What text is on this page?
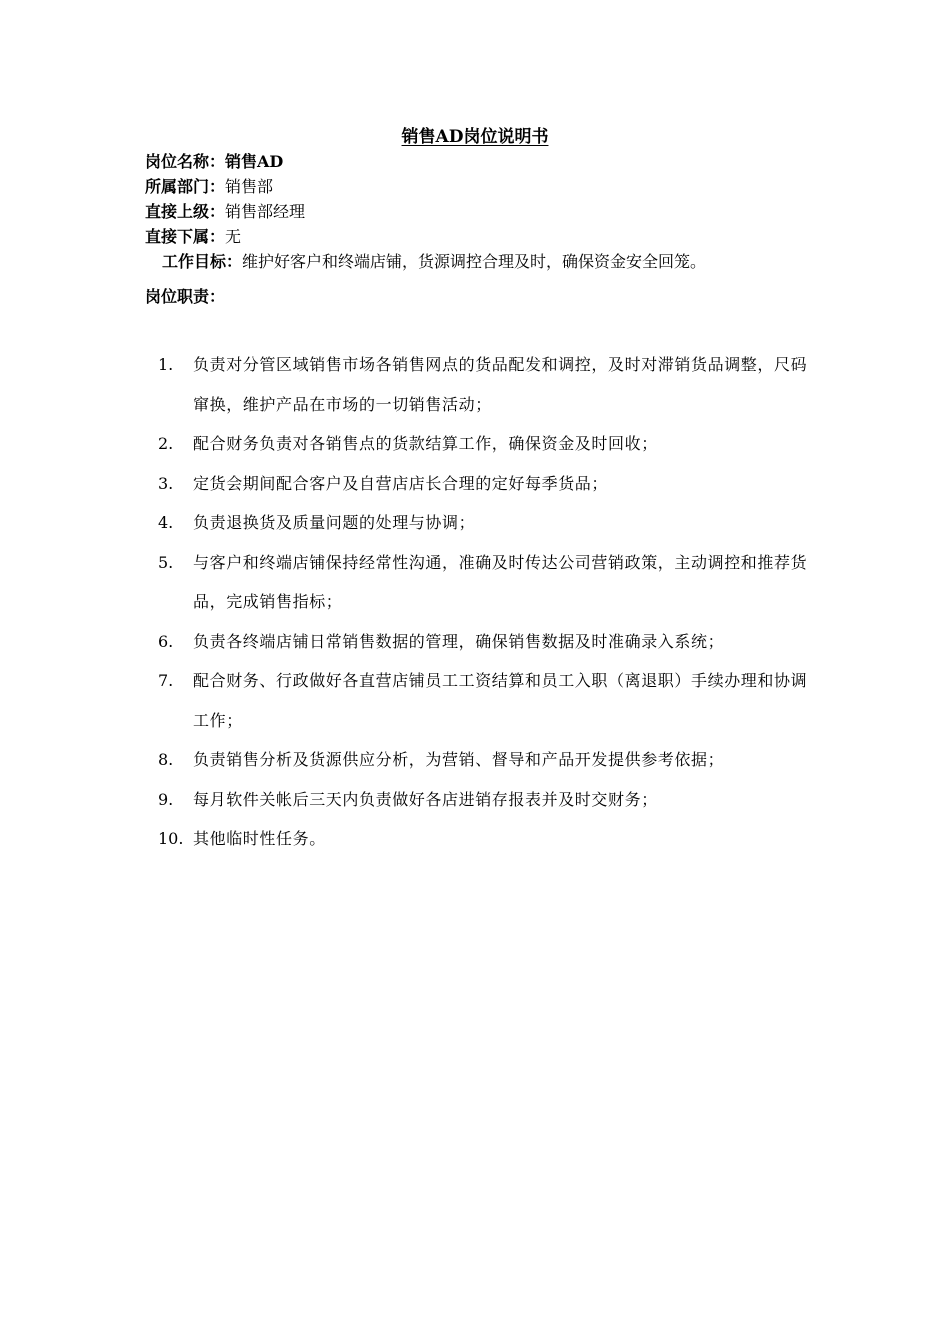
销售AD岗位说明书
岗位名称：销售AD
所属部门：销售部
直接上级：销售部经理
直接下属：无
工作目标：维护好客户和终端店铺，货源调控合理及时，确保资金安全回笼。
岗位职责：
1.	负责对分管区域销售市场各销售网点的货品配发和调控，及时对滞销货品调整，尺码窜换，维护产品在市场的一切销售活动；
2.	配合财务负责对各销售点的货款结算工作，确保资金及时回收；
3.	定货会期间配合客户及自营店店长合理的定好每季货品；
4.	负责退换货及质量问题的处理与协调；
5.	与客户和终端店铺保持经常性沟通，准确及时传达公司营销政策，主动调控和推荐货品，完成销售指标；
6.	负责各终端店铺日常销售数据的管理，确保销售数据及时准确录入系统；
7.	配合财务、行政做好各直营店铺员工工资结算和员工入职（离退职）手续办理和协调工作；
8.	负责销售分析及货源供应分析，为营销、督导和产品开发提供参考依据；
9.	每月软件关帐后三天内负责做好各店进销存报表并及时交财务；
10. 其他临时性任务。
